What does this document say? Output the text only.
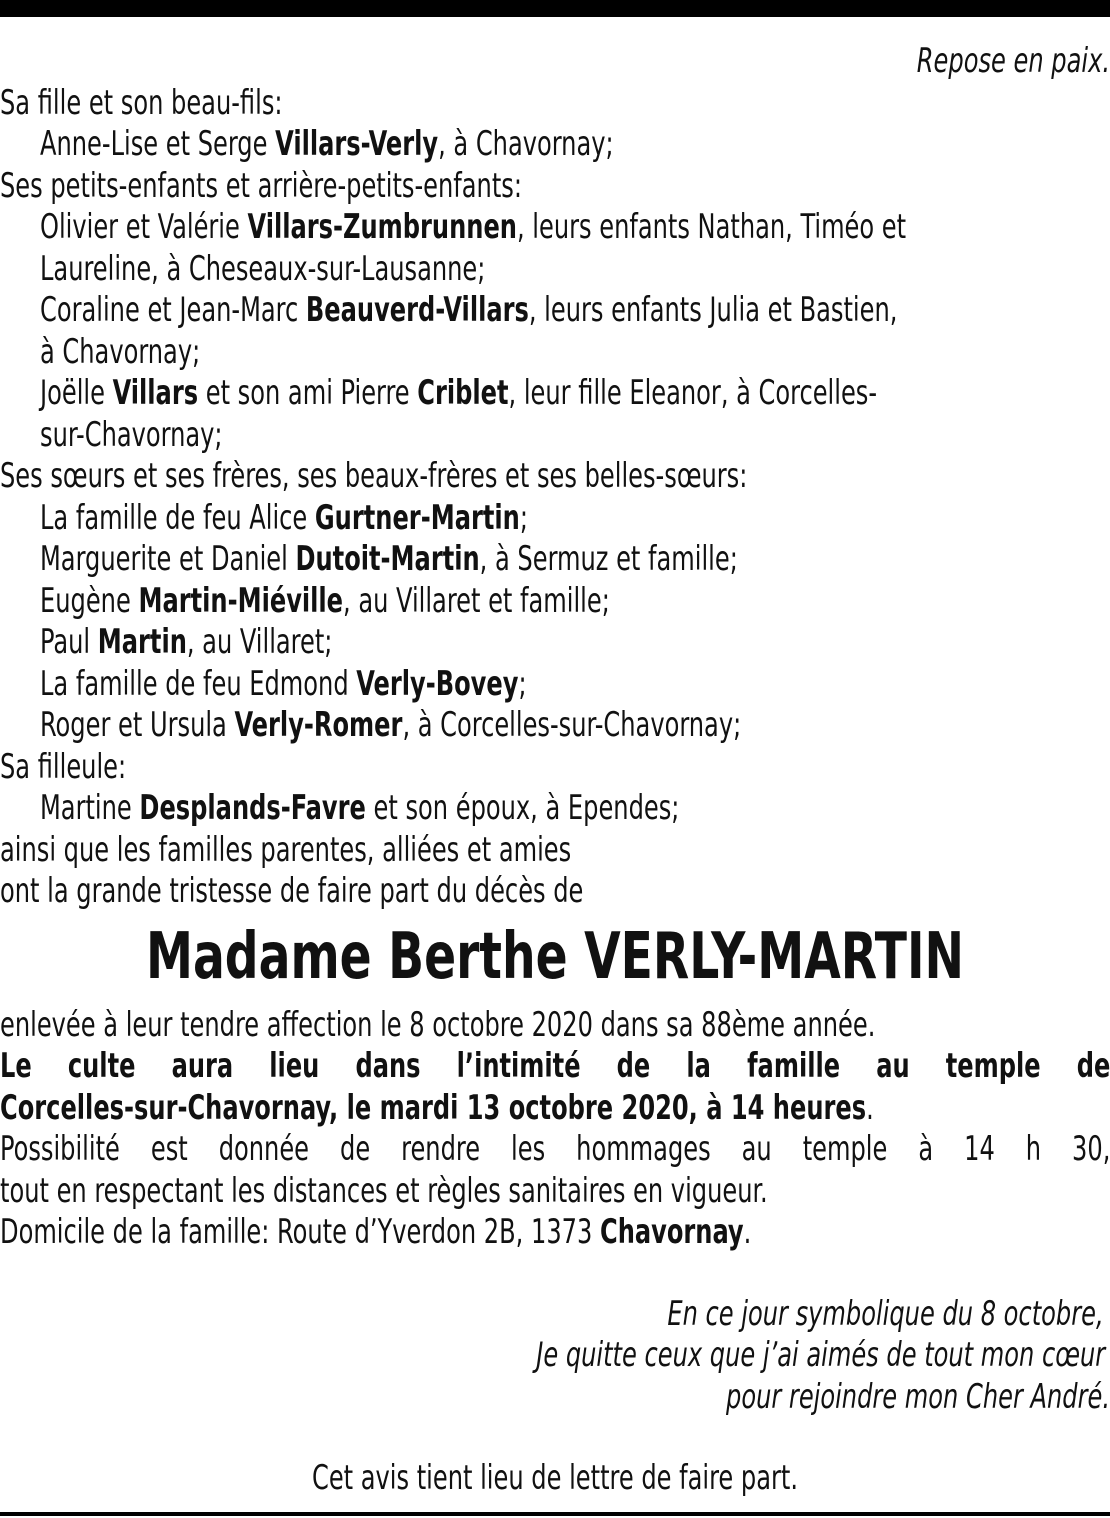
Repose en paix.
Sa fille et son beau-fils:
Anne-Lise et Serge Villars-Verly, à Chavornay;
Ses petits-enfants et arrière-petits-enfants:
Olivier et Valérie Villars-Zumbrunnen, leurs enfants Nathan, Timéo et
Laureline, à Cheseaux-sur-Lausanne;
Coraline et Jean-Marc Beauverd-Villars, leurs enfants Julia et Bastien,
à Chavornay;
Joëlle Villars et son ami Pierre Criblet, leur fille Eleanor, à Corcelles-
sur-Chavornay;
Ses sœurs et ses frères, ses beaux-frères et ses belles-sœurs:
La famille de feu Alice Gurtner-Martin;
Marguerite et Daniel Dutoit-Martin, à Sermuz et famille;
Eugène Martin-Miéville, au Villaret et famille;
Paul Martin, au Villaret;
La famille de feu Edmond Verly-Bovey;
Roger et Ursula Verly-Romer, à Corcelles-sur-Chavornay;
Sa filleule:
Martine Desplands-Favre et son époux, à Ependes;
ainsi que les familles parentes, alliées et amies
ont la grande tristesse de faire part du décès de
Madame Berthe VERLY-MARTIN
enlevée à leur tendre affection le 8 octobre 2020 dans sa 88ème année.
Le culte aura lieu dans l’intimité de la famille au temple de
Corcelles-sur-Chavornay, le mardi 13 octobre 2020, à 14 heures.
Possibilité est donnée de rendre les hommages au temple à 14 h 30,
tout en respectant les distances et règles sanitaires en vigueur.
Domicile de la famille: Route d’Yverdon 2B, 1373 Chavornay.
En ce jour symbolique du 8 octobre,
Je quitte ceux que j’ai aimés de tout mon cœur
pour rejoindre mon Cher André.
Cet avis tient lieu de lettre de faire part.
